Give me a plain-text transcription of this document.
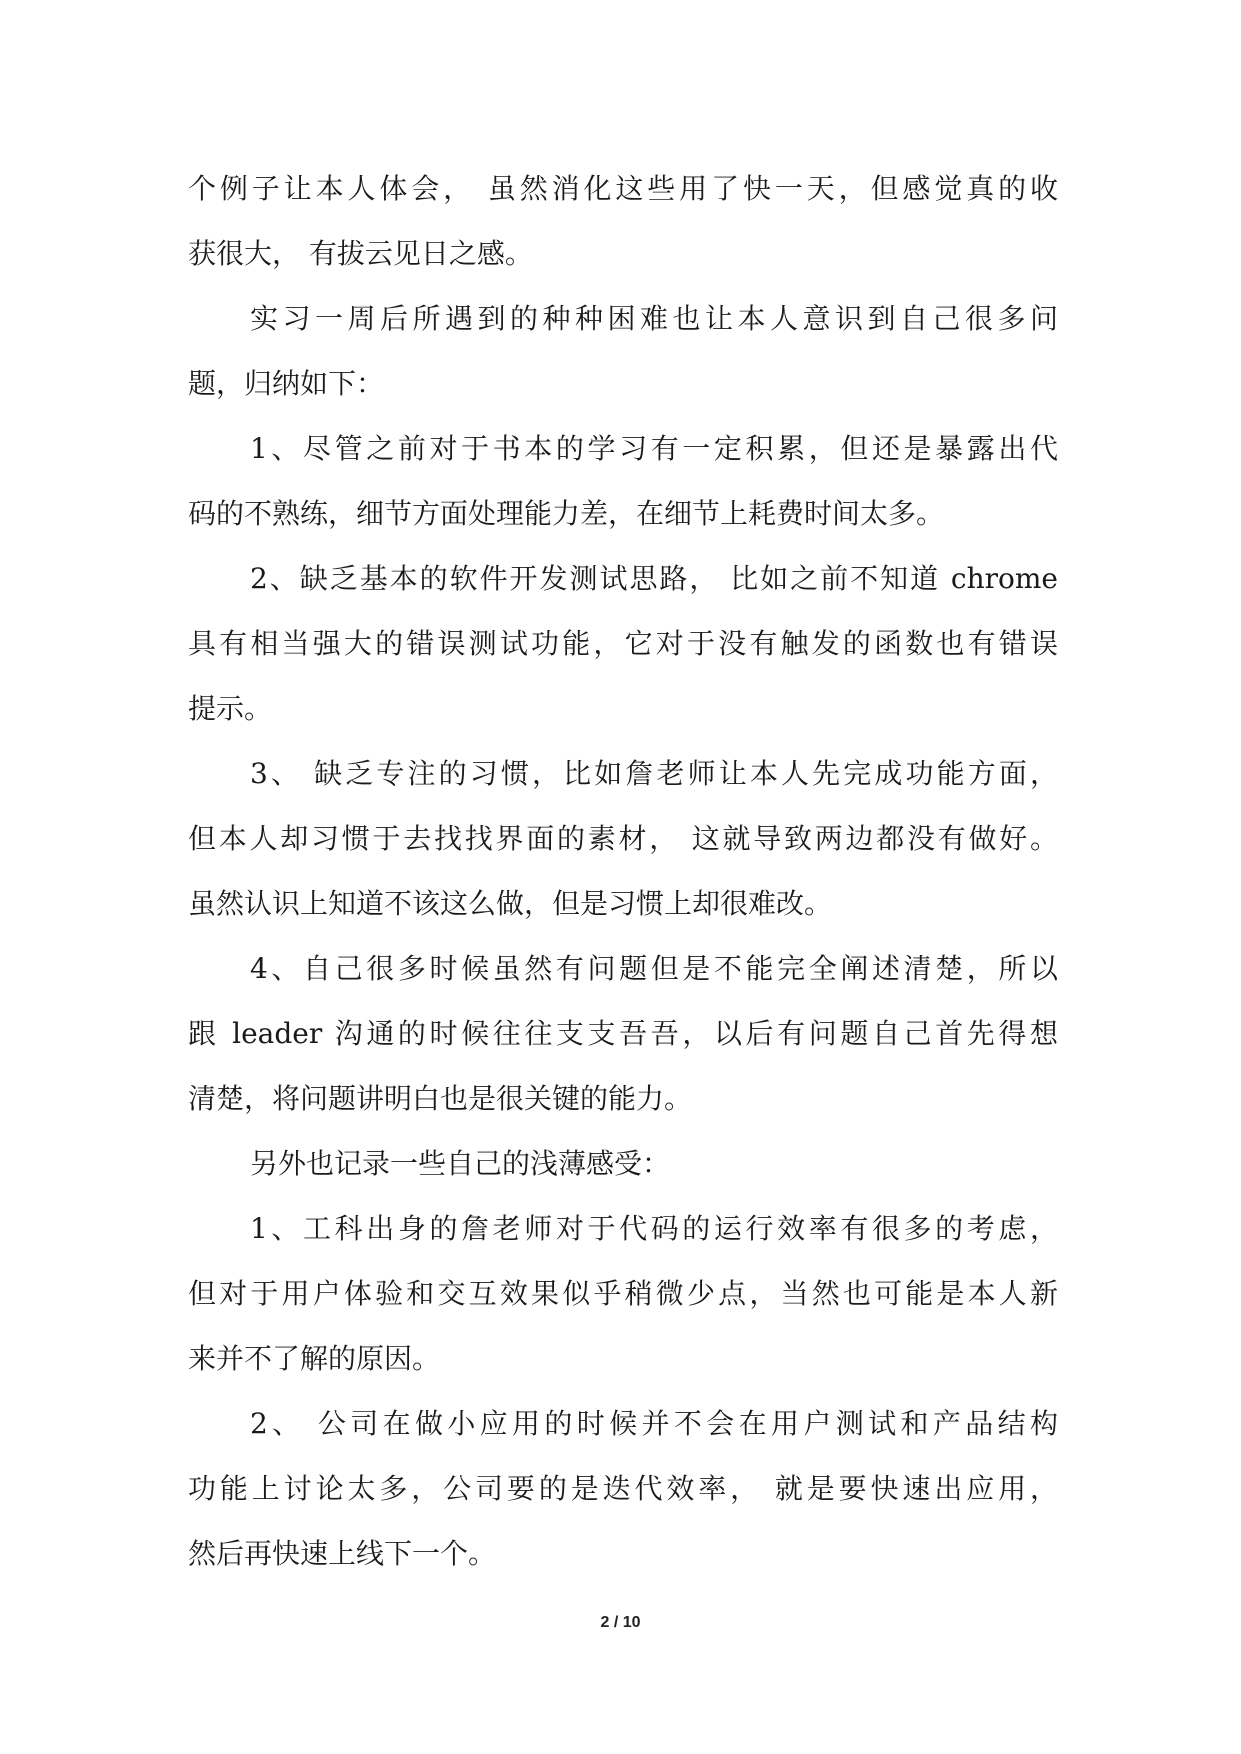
个例子让本人体会， 虽然消化这些用了快一天，但感觉真的收
获很大， 有拔云见日之感。
实习一周后所遇到的种种困难也让本人意识到自己很多问
题，归纳如下：
1、尽管之前对于书本的学习有一定积累，但还是暴露出代
码的不熟练，细节方面处理能力差，在细节上耗费时间太多。
2、缺乏基本的软件开发测试思路， 比如之前不知道 chrome
具有相当强大的错误测试功能，它对于没有触发的函数也有错误
提示。
3、 缺乏专注的习惯，比如詹老师让本人先完成功能方面，
但本人却习惯于去找找界面的素材， 这就导致两边都没有做好。
虽然认识上知道不该这么做，但是习惯上却很难改。
4、自己很多时候虽然有问题但是不能完全阐述清楚，所以
跟 leader 沟通的时候往往支支吾吾，以后有问题自己首先得想
清楚，将问题讲明白也是很关键的能力。
另外也记录一些自己的浅薄感受：
1、工科出身的詹老师对于代码的运行效率有很多的考虑，
但对于用户体验和交互效果似乎稍微少点，当然也可能是本人新
来并不了解的原因。
2、 公司在做小应用的时候并不会在用户测试和产品结构
功能上讨论太多，公司要的是迭代效率， 就是要快速出应用，
然后再快速上线下一个。
2 / 10
